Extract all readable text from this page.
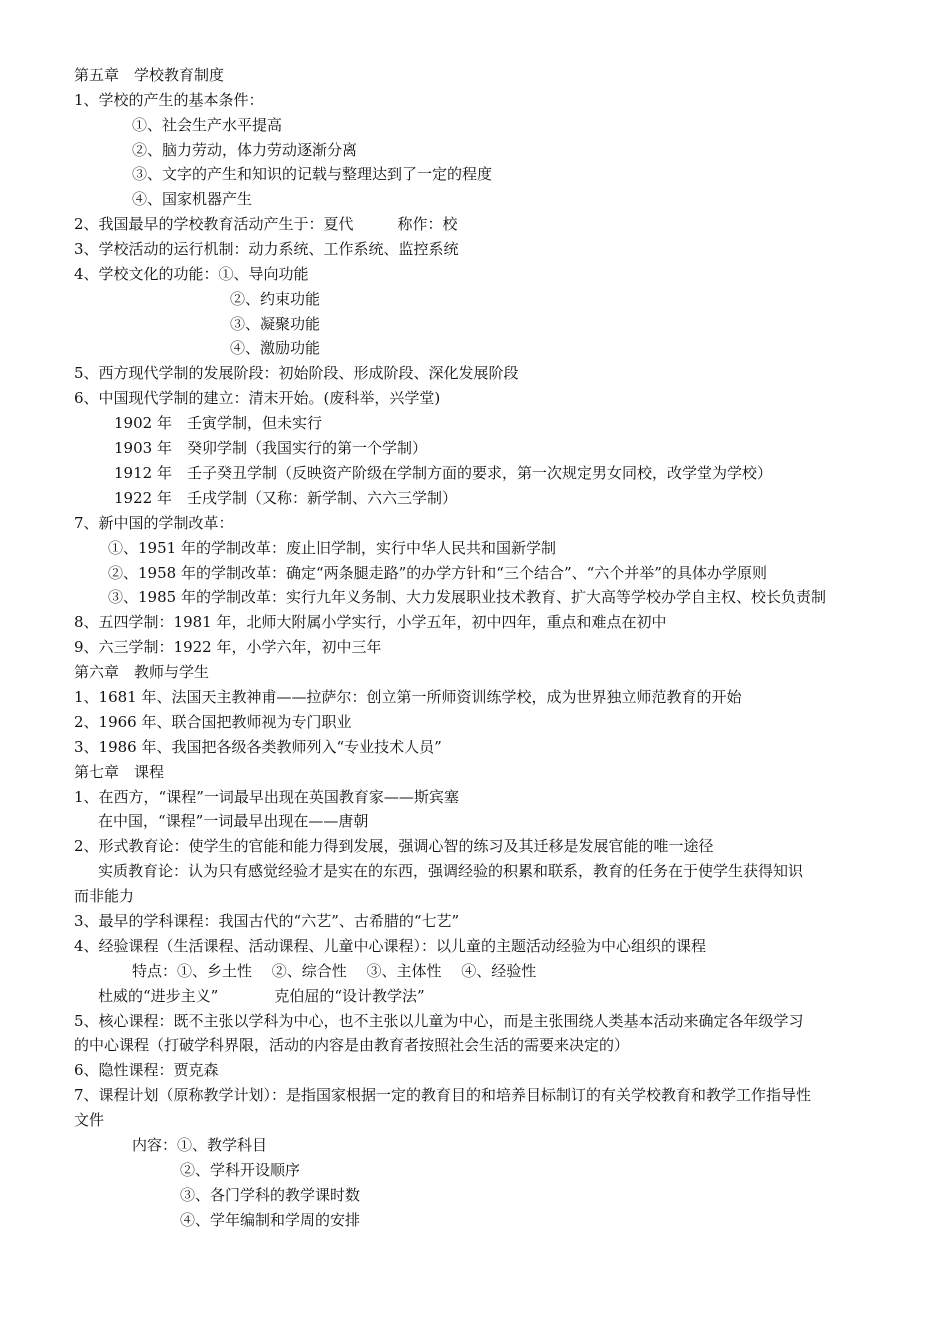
第五章　学校教育制度
1、学校的产生的基本条件：
①、社会生产水平提高
②、脑力劳动，体力劳动逐渐分离
③、文字的产生和知识的记载与整理达到了一定的程度
④、国家机器产生
2、我国最早的学校教育活动产生于：夏代	称作：校
3、学校活动的运行机制：动力系统、工作系统、监控系统
4、学校文化的功能：①、导向功能
②、约束功能
③、凝聚功能
④、激励功能
5、西方现代学制的发展阶段：初始阶段、形成阶段、深化发展阶段
6、中国现代学制的建立：清末开始。(废科举，兴学堂)
1902 年　壬寅学制，但未实行
1903 年　癸卯学制（我国实行的第一个学制）
1912 年　壬子癸丑学制（反映资产阶级在学制方面的要求，第一次规定男女同校，改学堂为学校）
1922 年　壬戌学制（又称：新学制、六六三学制）
7、新中国的学制改革：
①、1951 年的学制改革：废止旧学制，实行中华人民共和国新学制
②、1958 年的学制改革：确定“两条腿走路”的办学方针和“三个结合”、“六个并举”的具体办学原则
③、1985 年的学制改革：实行九年义务制、大力发展职业技术教育、扩大高等学校办学自主权、校长负责制
8、五四学制：1981 年，北师大附属小学实行，小学五年，初中四年，重点和难点在初中
9、六三学制：1922 年，小学六年，初中三年
第六章　教师与学生
1、1681 年、法国天主教神甫——拉萨尔：创立第一所师资训练学校，成为世界独立师范教育的开始
2、1966 年、联合国把教师视为专门职业
3、1986 年、我国把各级各类教师列入“专业技术人员”
第七章　课程
1、在西方，“课程”一词最早出现在英国教育家——斯宾塞
在中国，“课程”一词最早出现在——唐朝
2、形式教育论：使学生的官能和能力得到发展，强调心智的练习及其迁移是发展官能的唯一途径
实质教育论：认为只有感觉经验才是实在的东西，强调经验的积累和联系，教育的任务在于使学生获得知识
而非能力
3、最早的学科课程：我国古代的“六艺”、古希腊的“七艺”
4、经验课程（生活课程、活动课程、儿童中心课程）：以儿童的主题活动经验为中心组织的课程
特点：①、乡土性　 ②、综合性　 ③、主体性　 ④、经验性
杜威的“进步主义”	克伯屈的“设计教学法”
5、核心课程：既不主张以学科为中心，也不主张以儿童为中心，而是主张围绕人类基本活动来确定各年级学习
的中心课程（打破学科界限，活动的内容是由教育者按照社会生活的需要来决定的）
6、隐性课程：贾克森
7、课程计划（原称教学计划）：是指国家根据一定的教育目的和培养目标制订的有关学校教育和教学工作指导性
文件
内容：①、教学科目
②、学科开设顺序
③、各门学科的教学课时数
④、学年编制和学周的安排
